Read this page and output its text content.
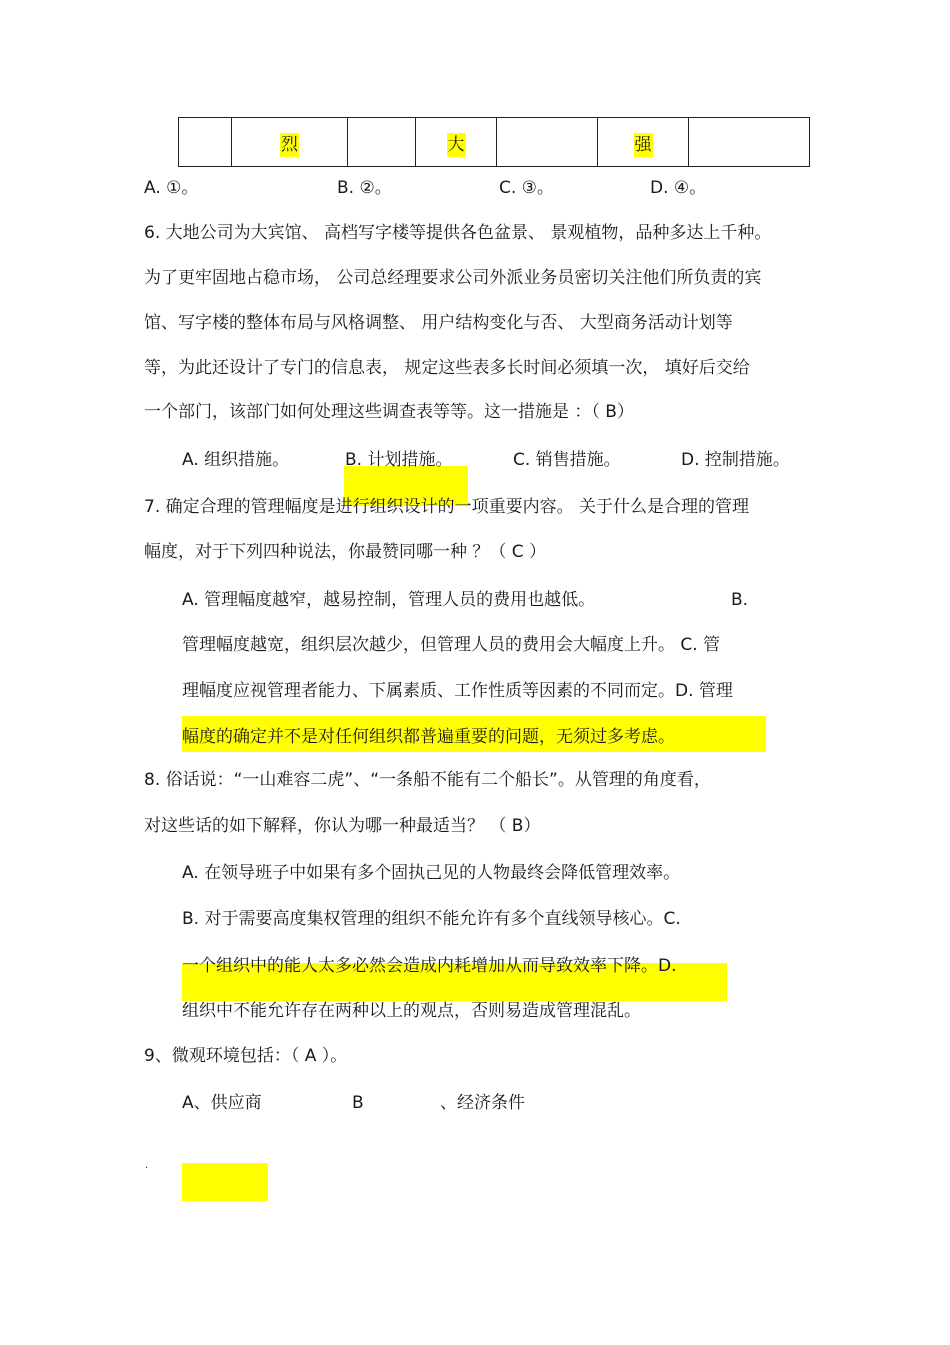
	烈		大		强	
A. ①。	B. ②。	C. ③。	D. ④。
6. 大地公司为大宾馆、 高档写字楼等提供各色盆景、 景观植物，品种多达上千种。
为了更牢固地占稳市场， 公司总经理要求公司外派业务员密切关注他们所负责的宾
馆、写字楼的整体布局与风格调整、 用户结构变化与否、 大型商务活动计划等
等，为此还设计了专门的信息表， 规定这些表多长时间必须填一次， 填好后交给
一个部门，该部门如何处理这些调查表等等。这一措施是 ：（ B）
A. 组织措施。	B. 计划措施。	C. 销售措施。	D. 控制措施。
7. 确定合理的管理幅度是进行组织设计的一项重要内容。 关于什么是合理的管理
幅度，对于下列四种说法，你最赞同哪一种 ？（ C ）
A. 管理幅度越窄，越易控制，管理人员的费用也越低。	B.
管理幅度越宽，组织层次越少，但管理人员的费用会大幅度上升。 C. 管
理幅度应视管理者能力、下属素质、工作性质等因素的不同而定。D. 管理
幅度的确定并不是对任何组织都普遍重要的问题，无须过多考虑。
8. 俗话说：“一山难容二虎”、“一条船不能有二个船长”。从管理的角度看，
对这些话的如下解释，你认为哪一种最适当？ （ B）
A. 在领导班子中如果有多个固执己见的人物最终会降低管理效率。
B. 对于需要高度集权管理的组织不能允许有多个直线领导核心。C.
一个组织中的能人太多必然会造成内耗增加从而导致效率下降。D.
组织中不能允许存在两种以上的观点，否则易造成管理混乱。
9、微观环境包括：（ A ）。
A、供应商	B	、经济条件
.
